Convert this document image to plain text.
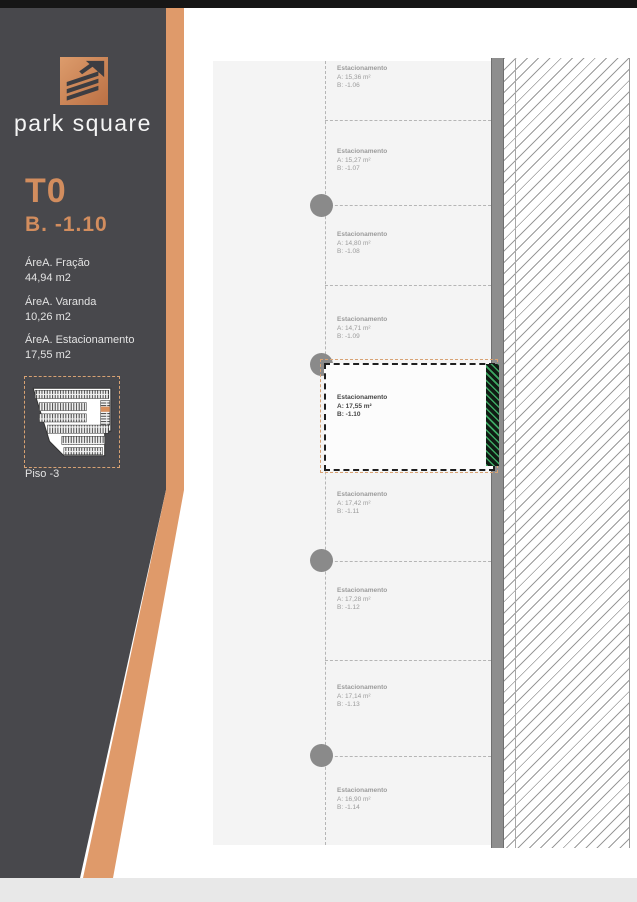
Estacionamento
A: 15,36 m²
B: -1.06
Estacionamento
A: 15,27 m²
B: -1.07
Estacionamento
A: 14,80 m²
B: -1.08
Estacionamento
A: 14,71 m²
B: -1.09
Estacionamento
A: 17,55 m²
B: -1.10
Estacionamento
A: 17,42 m²
B: -1.11
Estacionamento
A: 17,28 m²
B: -1.12
Estacionamento
A: 17,14 m²
B: -1.13
Estacionamento
A: 16,90 m²
B: -1.14
park square
T0
B. -1.10
ÁreA. Fração
44,94 m2
ÁreA. Varanda
10,26 m2
ÁreA. Estacionamento
17,55 m2
Piso -3
